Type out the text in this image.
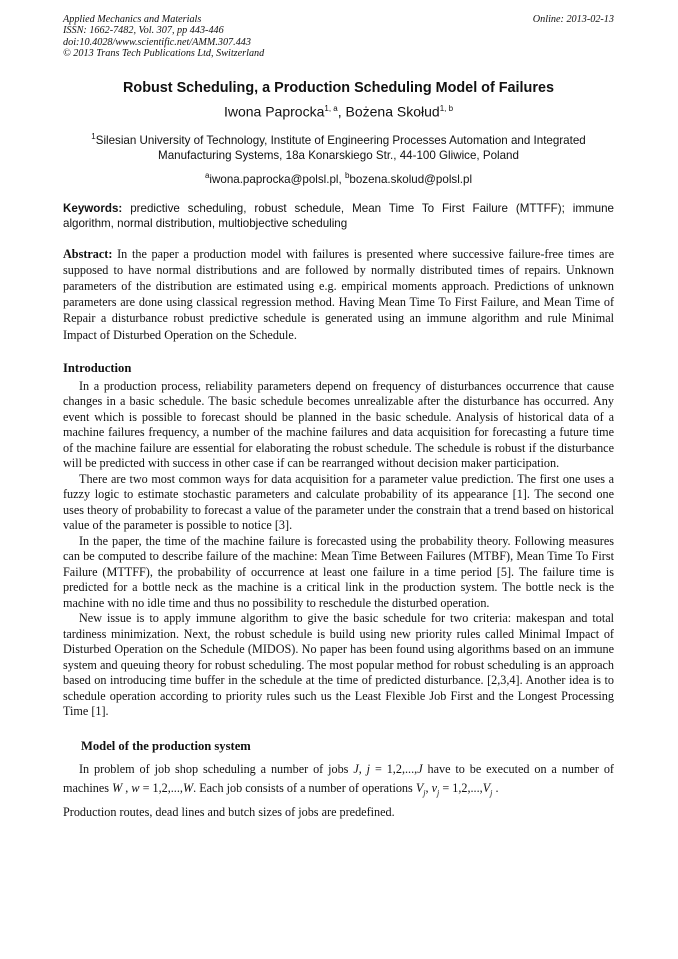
Applied Mechanics and Materials
ISSN: 1662-7482, Vol. 307, pp 443-446
doi:10.4028/www.scientific.net/AMM.307.443
© 2013 Trans Tech Publications Ltd, Switzerland
Online: 2013-02-13
Robust Scheduling, a Production Scheduling Model of Failures
Iwona Paprocka$^{1, a}$, Bożena Skołud$^{1, b}$
$^1$Silesian University of Technology, Institute of Engineering Processes Automation and Integrated Manufacturing Systems, 18a Konarskiego Str., 44-100 Gliwice, Poland
$^a$iwona.paprocka@polsl.pl, $^b$bozena.skolud@polsl.pl
Keywords: predictive scheduling, robust schedule, Mean Time To First Failure (MTTFF); immune algorithm, normal distribution, multiobjective scheduling
Abstract: In the paper a production model with failures is presented where successive failure-free times are supposed to have normal distributions and are followed by normally distributed times of repairs. Unknown parameters of the distribution are estimated using e.g. empirical moments approach. Predictions of unknown parameters are done using classical regression method. Having Mean Time To First Failure, and Mean Time of Repair a disturbance robust predictive schedule is generated using an immune algorithm and rule Minimal Impact of Disturbed Operation on the Schedule.
Introduction

In a production process, reliability parameters depend on frequency of disturbances occurrence that cause changes in a basic schedule. The basic schedule becomes unrealizable after the disturbance has occurred. Any event which is possible to forecast should be planned in the basic schedule. Analysis of historical data of a machine failures frequency, a number of the machine failures and data acquisition for forecasting a future time of the machine failure are essential for elaborating the robust schedule. The schedule is robust if the disturbance will be predicted with success in other case if can be rearranged without decision maker participation.

There are two most common ways for data acquisition for a parameter value prediction. The first one uses a fuzzy logic to estimate stochastic parameters and calculate probability of its appearance [1]. The second one uses theory of probability to forecast a value of the parameter under the constrain that a trend based on historical value of the parameter is possible to notice [3].

In the paper, the time of the machine failure is forecasted using the probability theory. Following measures can be computed to describe failure of the machine: Mean Time Between Failures (MTBF), Mean Time To First Failure (MTTFF), the probability of occurrence at least one failure in a time period [5]. The failure time is predicted for a bottle neck as the machine is a critical link in the production system. The bottle neck is the machine with no idle time and thus no possibility to reschedule the disturbed operation.

New issue is to apply immune algorithm to give the basic schedule for two criteria: makespan and total tardiness minimization. Next, the robust schedule is build using new priority rules called Minimal Impact of Disturbed Operation on the Schedule (MIDOS). No paper has been found using algorithms based on an immune system and queuing theory for robust scheduling. The most popular method for robust scheduling is an approach based on introducing time buffer in the schedule at the time of predicted disturbance. [2,3,4]. Another idea is to schedule operation according to priority rules such us the Least Flexible Job First and the Longest Processing Time [1].

Model of the production system

In problem of job shop scheduling a number of jobs J, j = 1,2,...,J have to be executed on a number of machines W , w = 1,2,...,W. Each job consists of a number of operations $V_j$, $v_j = 1,2,...,V_j$ .

Production routes, dead lines and butch sizes of jobs are predefined.
